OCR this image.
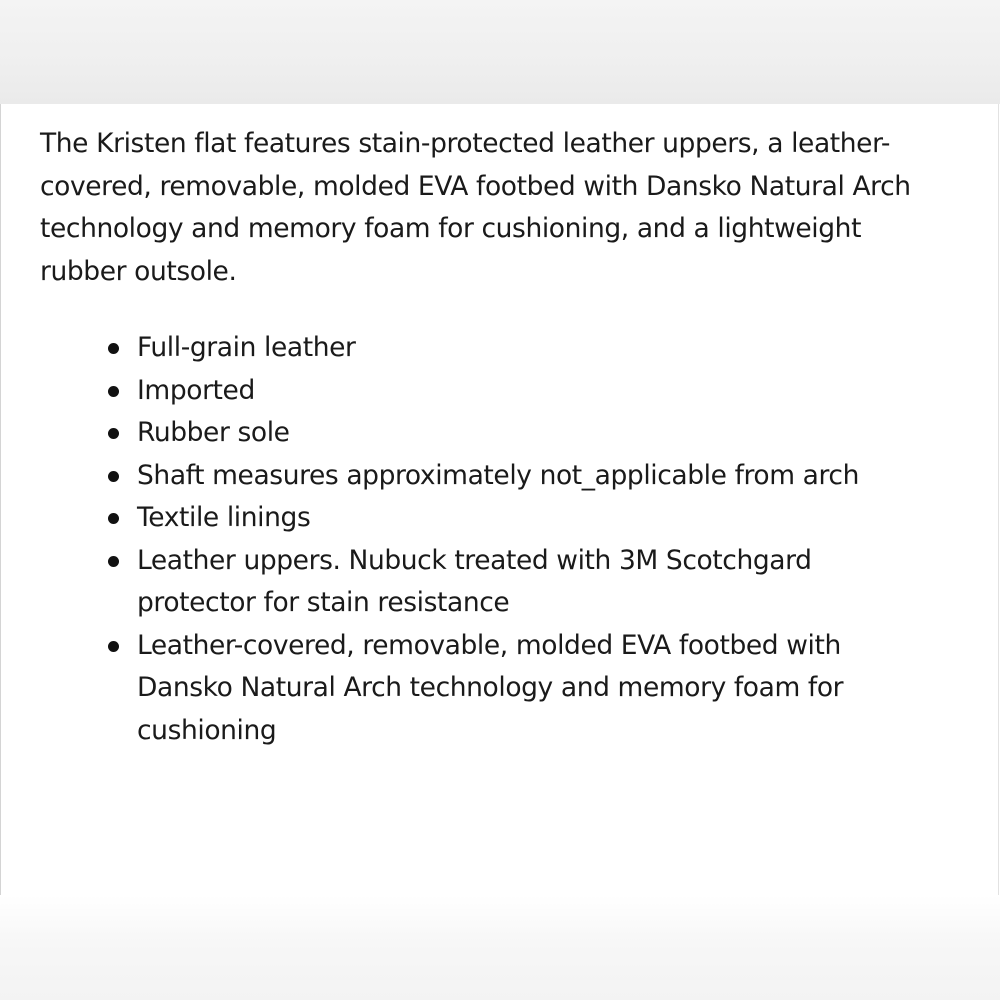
The Kristen flat features stain-protected leather uppers, a leather-covered, removable, molded EVA footbed with Dansko Natural Arch technology and memory foam for cushioning, and a lightweight rubber outsole.

Full-grain leather
Imported
Rubber sole
Shaft measures approximately not_applicable from arch
Textile linings
Leather uppers. Nubuck treated with 3M Scotchgard protector for stain resistance
Leather-covered, removable, molded EVA footbed with Dansko Natural Arch technology and memory foam for cushioning
